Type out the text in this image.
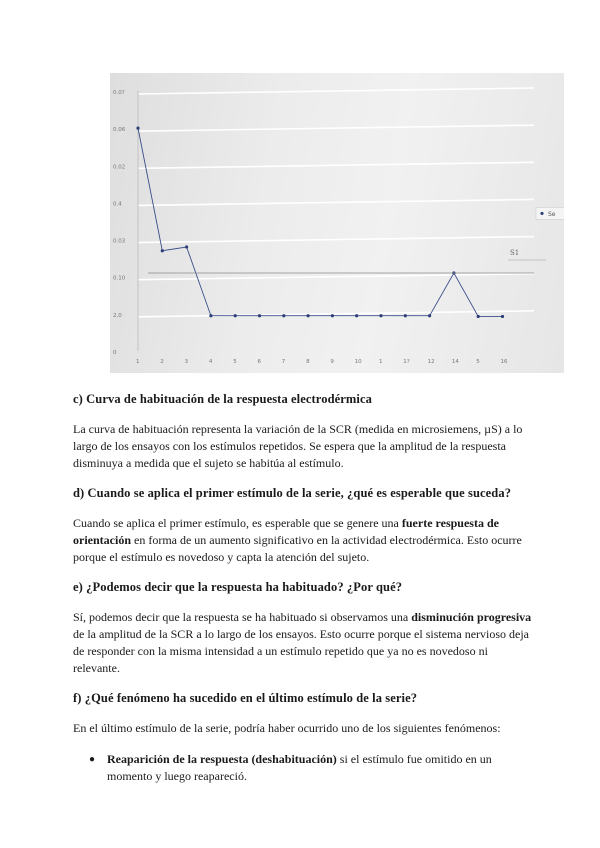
0
2,0
0.10
0.03
0.4
0.02
0.06
0.0?
1	2	3	4	5	6	7	8	9	10	1	1?	12	14	5	16
S1
Se
c) Curva de habituación de la respuesta electrodérmica

La curva de habituación representa la variación de la SCR (medida en microsiemens, µS) a lo largo de los ensayos con los estímulos repetidos. Se espera que la amplitud de la respuesta disminuya a medida que el sujeto se habitúa al estímulo.

d) Cuando se aplica el primer estímulo de la serie, ¿qué es esperable que suceda?

Cuando se aplica el primer estímulo, es esperable que se genere una fuerte respuesta de orientación en forma de un aumento significativo en la actividad electrodérmica. Esto ocurre porque el estímulo es novedoso y capta la atención del sujeto.

e) ¿Podemos decir que la respuesta ha habituado? ¿Por qué?

Sí, podemos decir que la respuesta se ha habituado si observamos una disminución progresiva de la amplitud de la SCR a lo largo de los ensayos. Esto ocurre porque el sistema nervioso deja de responder con la misma intensidad a un estímulo repetido que ya no es novedoso ni relevante.

f) ¿Qué fenómeno ha sucedido en el último estímulo de la serie?

En el último estímulo de la serie, podría haber ocurrido uno de los siguientes fenómenos:

● Reaparición de la respuesta (deshabituación) si el estímulo fue omitido en un momento y luego reapareció.
